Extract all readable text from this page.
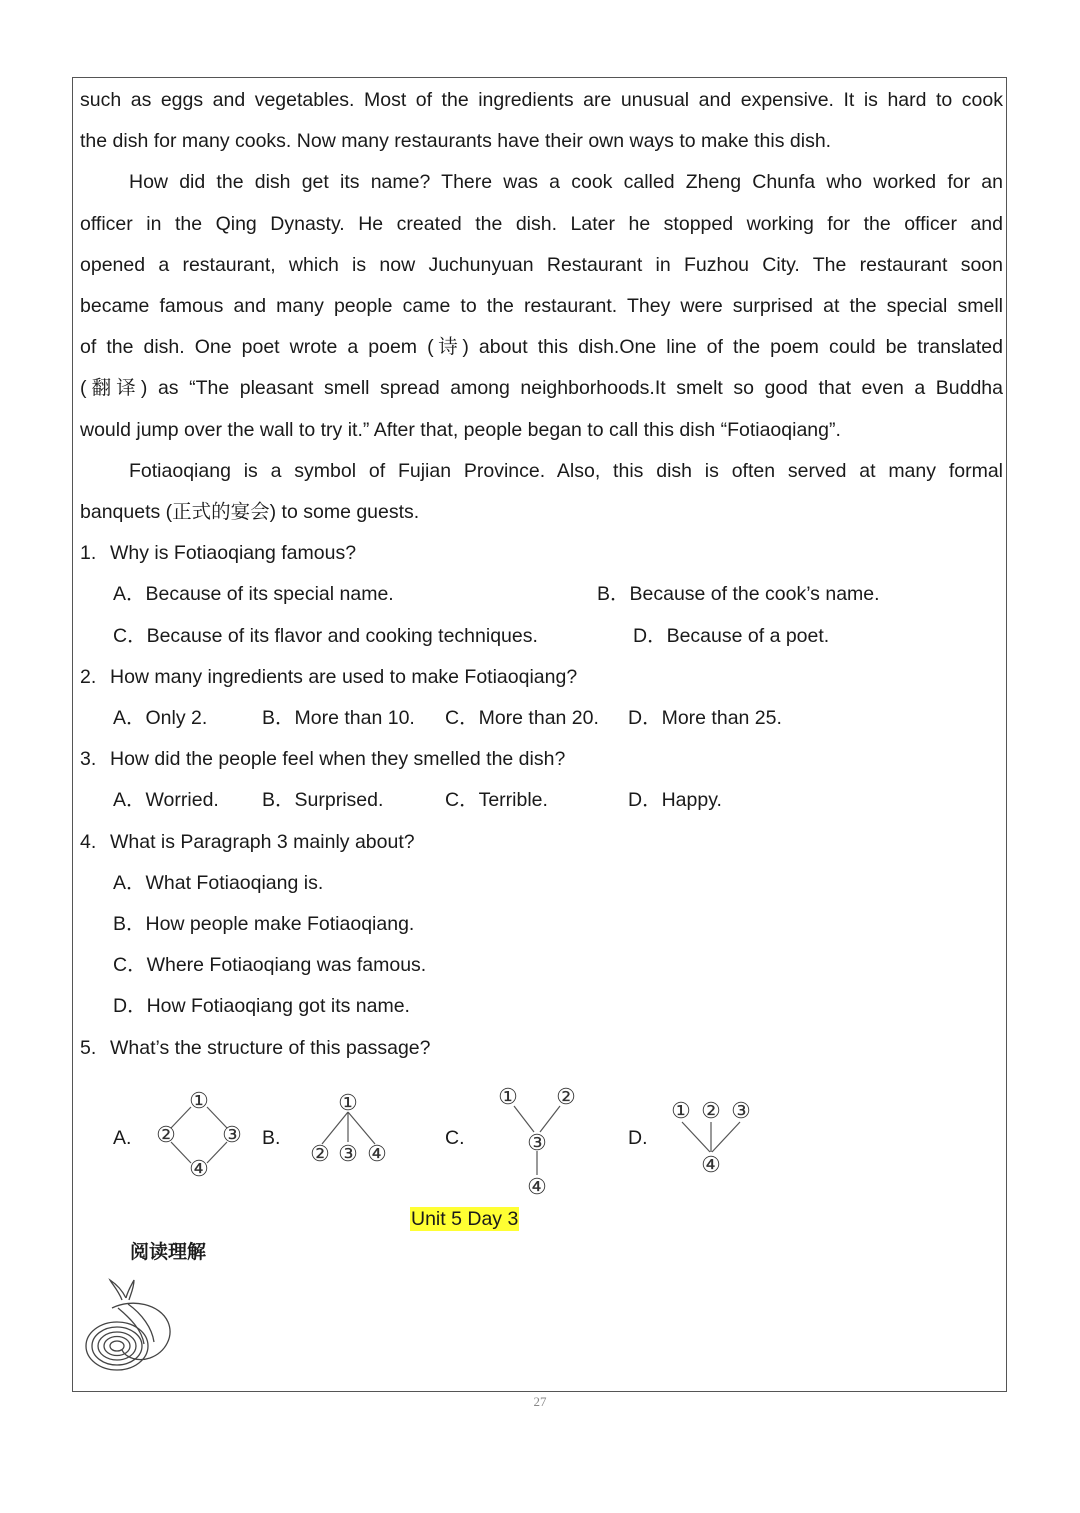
such as eggs and vegetables. Most of the ingredients are unusual and expensive. It is hard to cook
the dish for many cooks. Now many restaurants have their own ways to make this dish.
How did the dish get its name? There was a cook called Zheng Chunfa who worked for an
officer in the Qing Dynasty. He created the dish. Later he stopped working for the officer and
opened a restaurant, which is now Juchunyuan Restaurant in Fuzhou City. The restaurant soon
became famous and many people came to the restaurant. They were surprised at the special smell
of the dish. One poet wrote a poem (诗) about this dish.One line of the poem could be translated
(翻译) as “The pleasant smell spread among neighborhoods.It smelt so good that even a Buddha
would jump over the wall to try it.” After that, people began to call this dish “Fotiaoqiang”.
Fotiaoqiang is a symbol of Fujian Province. Also, this dish is often served at many formal
banquets (正式的宴会) to some guests.
1. Why is Fotiaoqiang famous?
A．Because of its special name.	B．Because of the cook’s name.
C．Because of its flavor and cooking techniques.	D．Because of a poet.
2. How many ingredients are used to make Fotiaoqiang?
A．Only 2.	B．More than 10. C．More than 20. D．More than 25.
3. How did the people feel when they smelled the dish?
A．Worried. B．Surprised.	C．Terrible.	D．Happy.
4. What is Paragraph 3 mainly about?
A．What Fotiaoqiang is.
B．How people make Fotiaoqiang.
C．Where Fotiaoqiang was famous.
D．How Fotiaoqiang got its name.
5. What’s the structure of this passage?
A.	B.	C.	D.
①
② ③
④
①
② ③ ④
① ②
③
④
① ② ③
④
Unit 5 Day 3
阅读理解
27
